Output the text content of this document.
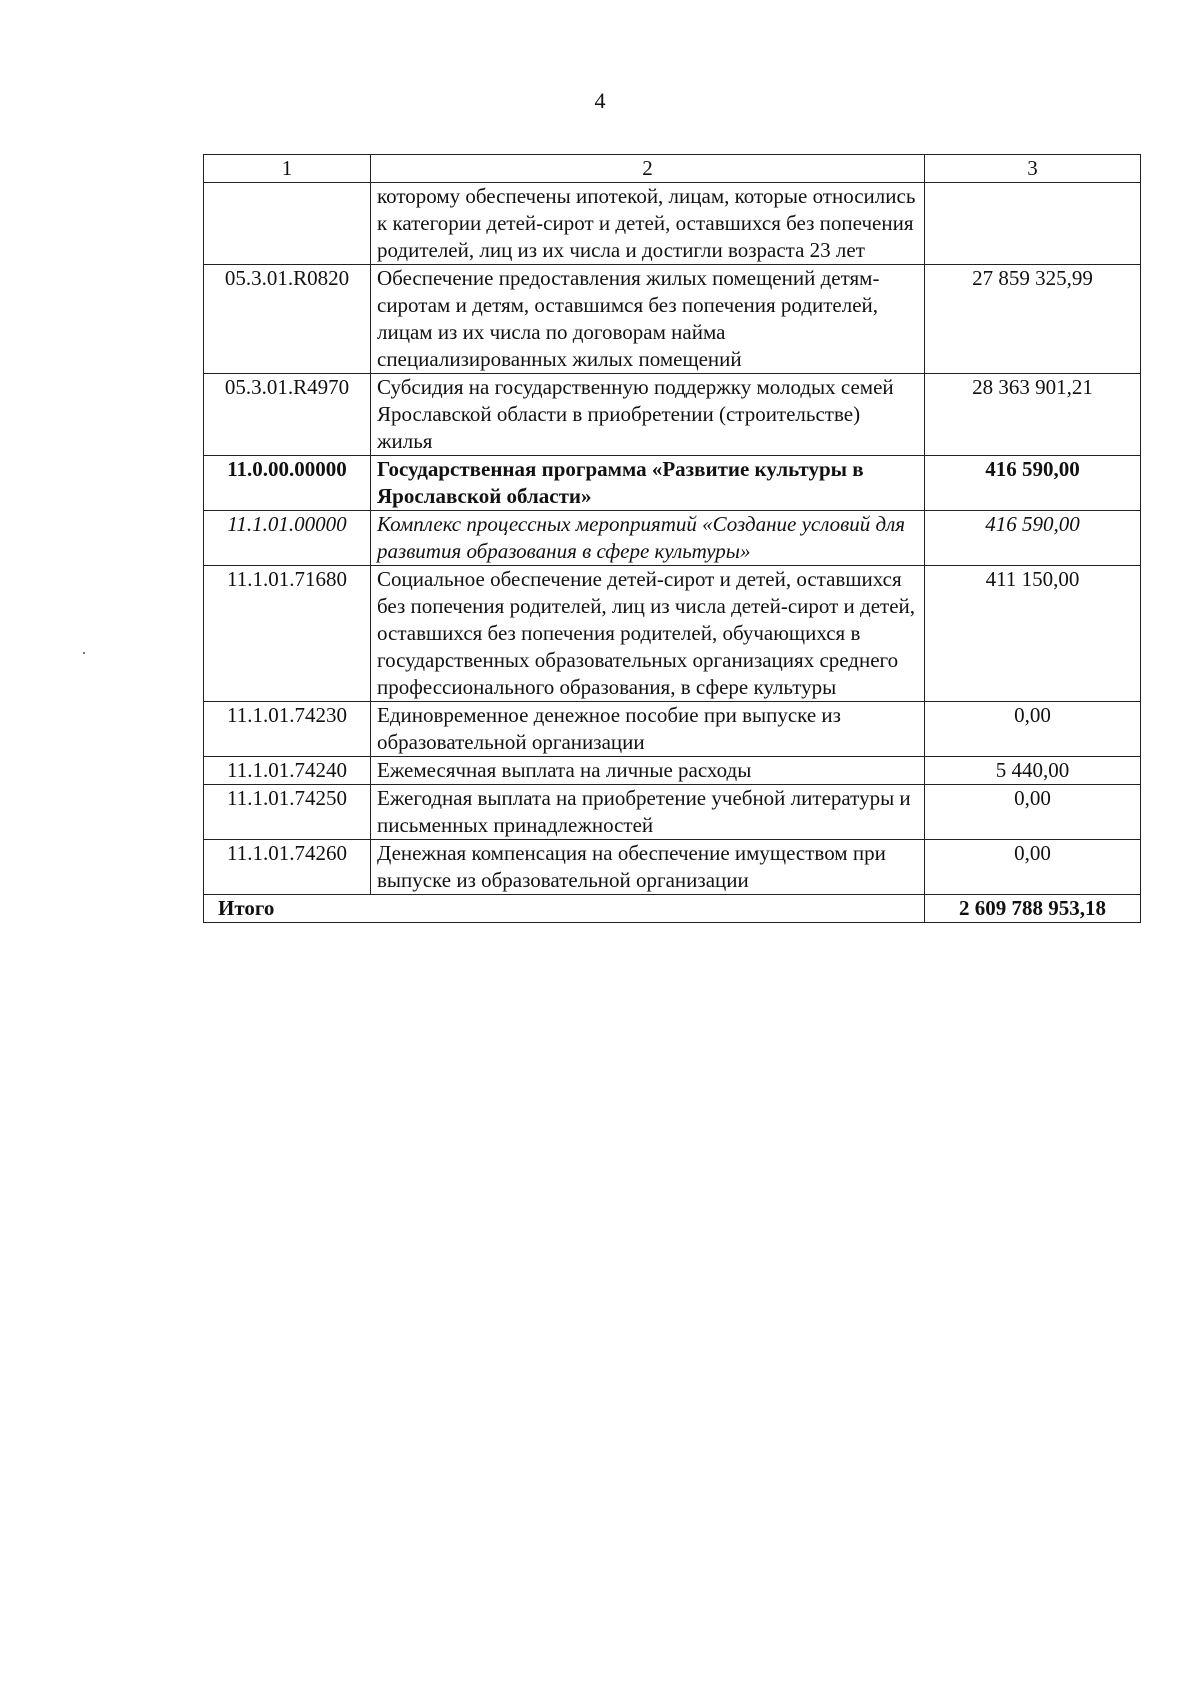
4
1	2	3
	которому обеспечены ипотекой, лицам, которые относились к категории детей-сирот и детей, оставшихся без попечения родителей, лиц из их числа и достигли возраста 23 лет	
05.3.01.R0820	Обеспечение предоставления жилых помещений детям-сиротам и детям, оставшимся без попечения родителей, лицам из их числа по договорам найма специализированных жилых помещений	27 859 325,99
05.3.01.R4970	Субсидия на государственную поддержку молодых семей Ярославской области в приобретении (строительстве) жилья	28 363 901,21
11.0.00.00000	Государственная программа «Развитие культуры в Ярославской области»	416 590,00
11.1.01.00000	Комплекс процессных мероприятий «Создание условий для развития образования в сфере культуры»	416 590,00
11.1.01.71680	Социальное обеспечение детей-сирот и детей, оставшихся без попечения родителей, лиц из числа детей-сирот и детей, оставшихся без попечения родителей, обучающихся в государственных образовательных организациях среднего профессионального образования, в сфере культуры	411 150,00
11.1.01.74230	Единовременное денежное пособие при выпуске из образовательной организации	0,00
11.1.01.74240	Ежемесячная выплата на личные расходы	5 440,00
11.1.01.74250	Ежегодная выплата на приобретение учебной литературы и письменных принадлежностей	0,00
11.1.01.74260	Денежная компенсация на обеспечение имуществом при выпуске из образовательной организации	0,00
Итого		2 609 788 953,18
